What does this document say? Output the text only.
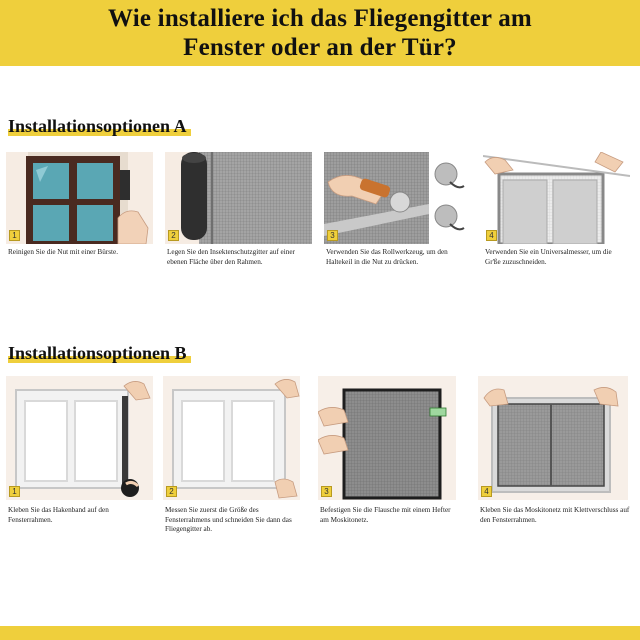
Wie installiere ich das Fliegengitter am
Fenster oder an der Tür?
Installationsoptionen A
1	2	3	4
Reinigen Sie die Nut mit einer Bürste.	Legen Sie den Insektenschutzgitter auf einer ebenen Fläche über den Rahmen.
Verwenden Sie das Rollwerkzeug, um den Haltekeil in die Nut zu drücken.
Verwenden Sie ein Universalmesser, um die Gr'ße zuzuschneiden.
Installationsoptionen B
1	2	3	4
Kleben Sie das Hakenband auf den Fensterrahmen.
Messen Sie zuerst die Größe des Fensterrahmens und schneiden Sie dann das Fliegengitter ab.
Befestigen Sie die Flausche mit einem Hefter am Moskitonetz.
Kleben Sie das Moskitonetz mit Klettverschluss auf den Fensterrahmen.
